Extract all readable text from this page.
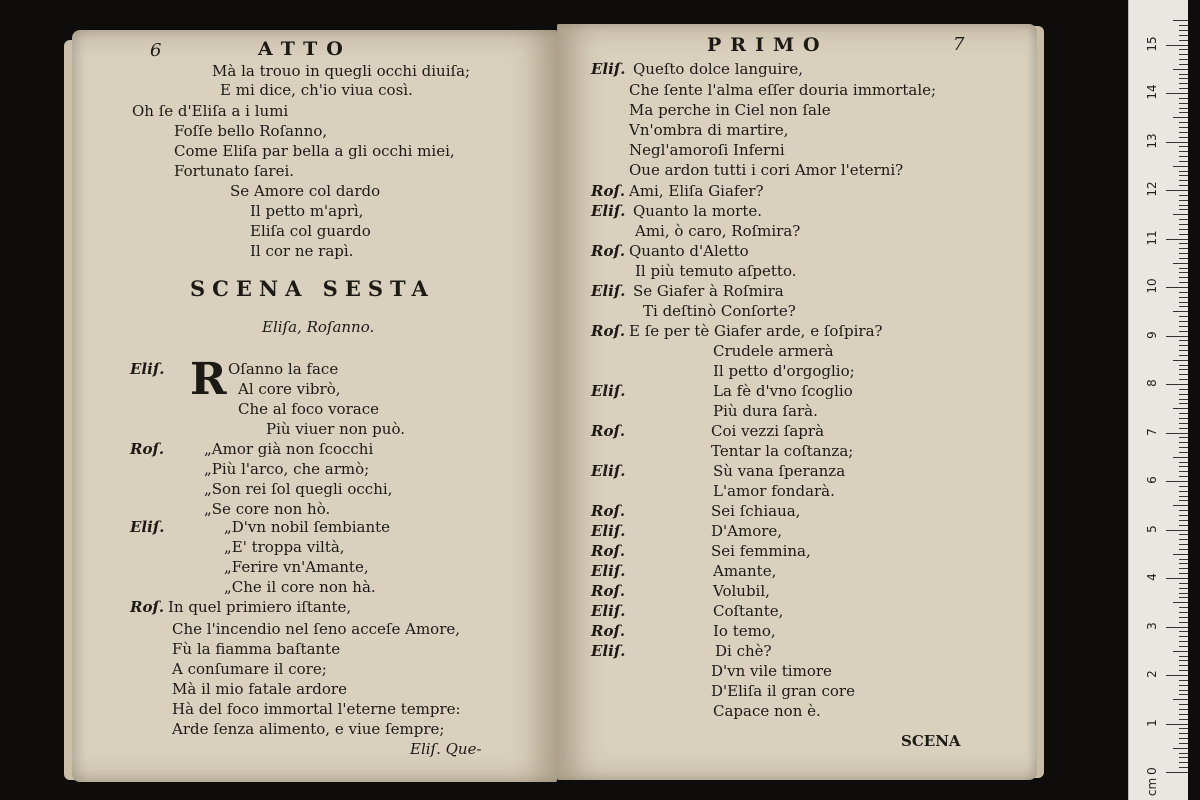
6	ATTO
Mà la trouo in quegli occhi diuiſa;
E mi dice, ch'io viua così.
Oh ſe d'Eliſa a i lumi
Foſſe bello Roſanno,
Come Eliſa par bella a gli occhi miei,
Fortunato ſarei.
Se Amore col dardo
Il petto m'aprì,
Eliſa col guardo
Il cor ne rapì.
SCENA SESTA
Eliſa, Roſanno.
Eliſ. R Oſanno la face
Al core vibrò,
Che al foco vorace
Più viuer non può.
Roſ.	„Amor già non ſcocchi
„Più l'arco, che armò;
„Son rei ſol quegli occhi,
„Se core non hò.
Eliſ.	„D'vn nobil ſembiante
„E' troppa viltà,
„Ferire vn'Amante,
„Che il core non hà.
Roſ. In quel primiero iſtante,
Che l'incendio nel ſeno acceſe Amore,
Fù la fiamma baſtante
A conſumare il core;
Mà il mio fatale ardore
Hà del foco immortal l'eterne tempre:
Arde ſenza alimento, e viue ſempre;
Eliſ. Que-
PRIMO	7
Eliſ. Queſto dolce languire,
Che ſente l'alma eſſer douria immortale;
Ma perche in Ciel non ſale
Vn'ombra di martire,
Negl'amoroſi Inferni
Oue ardon tutti i cori Amor l'eterni?
Roſ. Ami, Eliſa Giafer?
Eliſ. Quanto la morte.
Ami, ò caro, Roſmira?
Roſ. Quanto d'Aletto
Il più temuto aſpetto.
Eliſ. Se Giafer à Roſmira
Ti deſtinò Conſorte?
Roſ. E ſe per tè Giafer arde, e ſoſpira?
Crudele armerà
Il petto d'orgoglio;
Eliſ.	La fè d'vno ſcoglio
Più dura ſarà.
Roſ.	Coi vezzi ſaprà
Tentar la coſtanza;
Eliſ.	Sù vana ſperanza
L'amor fondarà.
Roſ.	Sei ſchiaua,
Eliſ.	D'Amore,
Roſ.	Sei femmina,
Eliſ.	Amante,
Roſ.	Volubil,
Eliſ.	Coſtante,
Roſ.	Io temo,
Eliſ.	Di chè?
D'vn vile timore
D'Eliſa il gran core
Capace non è.
SCENA
0
1
2
3
4
5
6
7
8
9
10
11
12
13
14
15
cm
